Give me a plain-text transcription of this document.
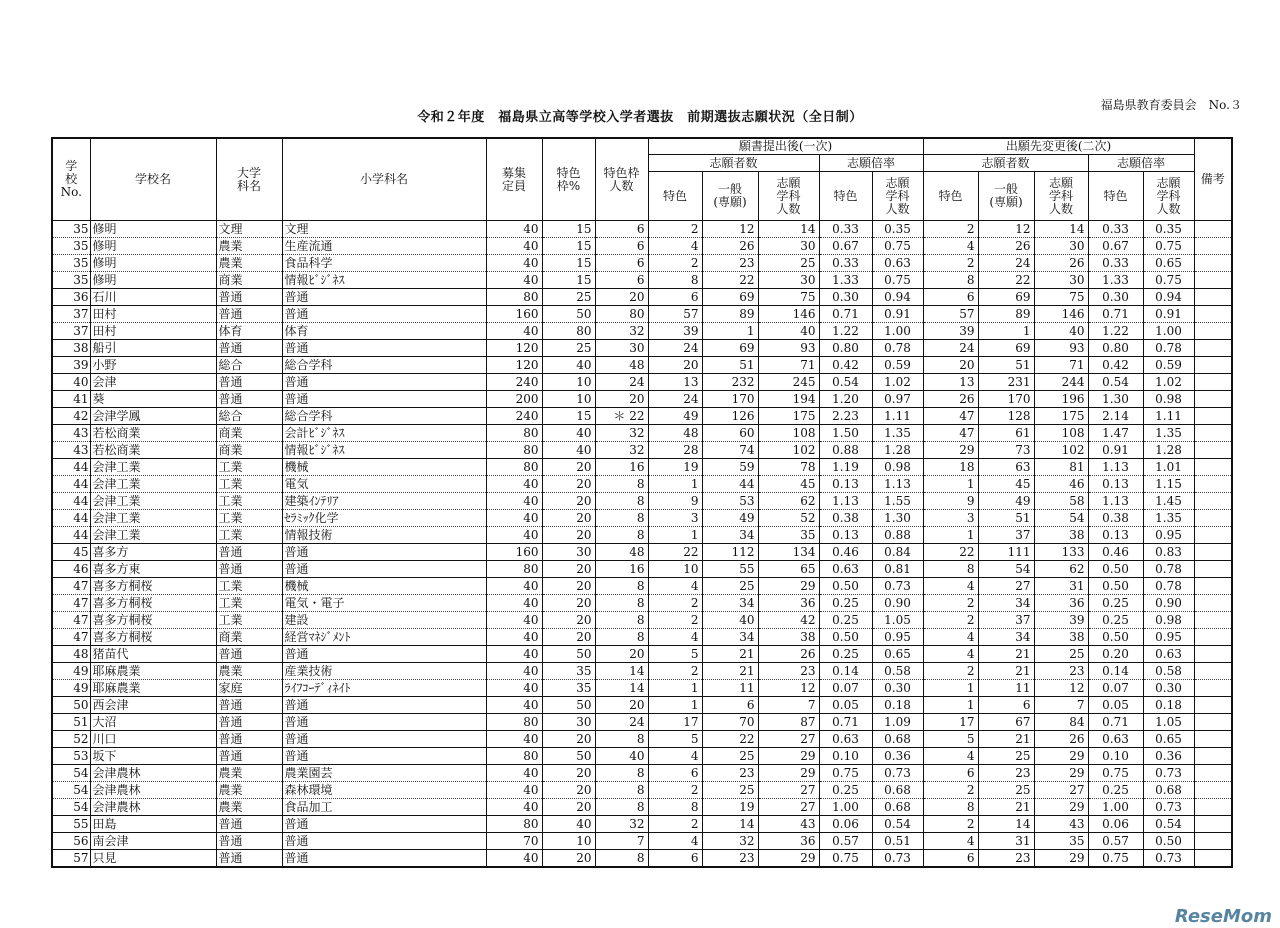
令和２年度　福島県立高等学校入学者選抜　前期選抜志願状況（全日制）
福島県教育委員会　No.３
学校No.	学校名	大学科名	小学科名	募集定員	特色枠%	特色枠人数	願書提出後(一次)					出願先変更後(二次)					備考
							志願者数			志願倍率		志願者数			志願倍率		
							特色	一般(専願)	志願学科人数	特色	志願学科人数	特色	一般(専願)	志願学科人数	特色	志願学科人数	
35	修明	文理	文理	40	15	6	2	12	14	0.33	0.35	2	12	14	0.33	0.35	
35	修明	農業	生産流通	40	15	6	4	26	30	0.67	0.75	4	26	30	0.67	0.75	
35	修明	農業	食品科学	40	15	6	2	23	25	0.33	0.63	2	24	26	0.33	0.65	
35	修明	商業	情報ﾋﾞｼﾞﾈｽ	40	15	6	8	22	30	1.33	0.75	8	22	30	1.33	0.75	
36	石川	普通	普通	80	25	20	6	69	75	0.30	0.94	6	69	75	0.30	0.94	
37	田村	普通	普通	160	50	80	57	89	146	0.71	0.91	57	89	146	0.71	0.91	
37	田村	体育	体育	40	80	32	39	1	40	1.22	1.00	39	1	40	1.22	1.00	
38	船引	普通	普通	120	25	30	24	69	93	0.80	0.78	24	69	93	0.80	0.78	
39	小野	総合	総合学科	120	40	48	20	51	71	0.42	0.59	20	51	71	0.42	0.59	
40	会津	普通	普通	240	10	24	13	232	245	0.54	1.02	13	231	244	0.54	1.02	
41	葵	普通	普通	200	10	20	24	170	194	1.20	0.97	26	170	196	1.30	0.98	
42	会津学鳳	総合	総合学科	240	15	＊ 22	49	126	175	2.23	1.11	47	128	175	2.14	1.11	
43	若松商業	商業	会計ﾋﾞｼﾞﾈｽ	80	40	32	48	60	108	1.50	1.35	47	61	108	1.47	1.35	
43	若松商業	商業	情報ﾋﾞｼﾞﾈｽ	80	40	32	28	74	102	0.88	1.28	29	73	102	0.91	1.28	
44	会津工業	工業	機械	80	20	16	19	59	78	1.19	0.98	18	63	81	1.13	1.01	
44	会津工業	工業	電気	40	20	8	1	44	45	0.13	1.13	1	45	46	0.13	1.15	
44	会津工業	工業	建築ｲﾝﾃﾘｱ	40	20	8	9	53	62	1.13	1.55	9	49	58	1.13	1.45	
44	会津工業	工業	ｾﾗﾐｯｸ化学	40	20	8	3	49	52	0.38	1.30	3	51	54	0.38	1.35	
44	会津工業	工業	情報技術	40	20	8	1	34	35	0.13	0.88	1	37	38	0.13	0.95	
45	喜多方	普通	普通	160	30	48	22	112	134	0.46	0.84	22	111	133	0.46	0.83	
46	喜多方東	普通	普通	80	20	16	10	55	65	0.63	0.81	8	54	62	0.50	0.78	
47	喜多方桐桜	工業	機械	40	20	8	4	25	29	0.50	0.73	4	27	31	0.50	0.78	
47	喜多方桐桜	工業	電気・電子	40	20	8	2	34	36	0.25	0.90	2	34	36	0.25	0.90	
47	喜多方桐桜	工業	建設	40	20	8	2	40	42	0.25	1.05	2	37	39	0.25	0.98	
47	喜多方桐桜	商業	経営ﾏﾈｼﾞﾒﾝﾄ	40	20	8	4	34	38	0.50	0.95	4	34	38	0.50	0.95	
48	猪苗代	普通	普通	40	50	20	5	21	26	0.25	0.65	4	21	25	0.20	0.63	
49	耶麻農業	農業	産業技術	40	35	14	2	21	23	0.14	0.58	2	21	23	0.14	0.58	
49	耶麻農業	家庭	ﾗｲﾌｺｰﾃﾞｨﾈｲﾄ	40	35	14	1	11	12	0.07	0.30	1	11	12	0.07	0.30	
50	西会津	普通	普通	40	50	20	1	6	7	0.05	0.18	1	6	7	0.05	0.18	
51	大沼	普通	普通	80	30	24	17	70	87	0.71	1.09	17	67	84	0.71	1.05	
52	川口	普通	普通	40	20	8	5	22	27	0.63	0.68	5	21	26	0.63	0.65	
53	坂下	普通	普通	80	50	40	4	25	29	0.10	0.36	4	25	29	0.10	0.36	
54	会津農林	農業	農業園芸	40	20	8	6	23	29	0.75	0.73	6	23	29	0.75	0.73	
54	会津農林	農業	森林環境	40	20	8	2	25	27	0.25	0.68	2	25	27	0.25	0.68	
54	会津農林	農業	食品加工	40	20	8	8	19	27	1.00	0.68	8	21	29	1.00	0.73	
55	田島	普通	普通	80	40	32	2	14	43	0.06	0.54	2	14	43	0.06	0.54	
56	南会津	普通	普通	70	10	7	4	32	36	0.57	0.51	4	31	35	0.57	0.50	
57	只見	普通	普通	40	20	8	6	23	29	0.75	0.73	6	23	29	0.75	0.73	
ReseMom
